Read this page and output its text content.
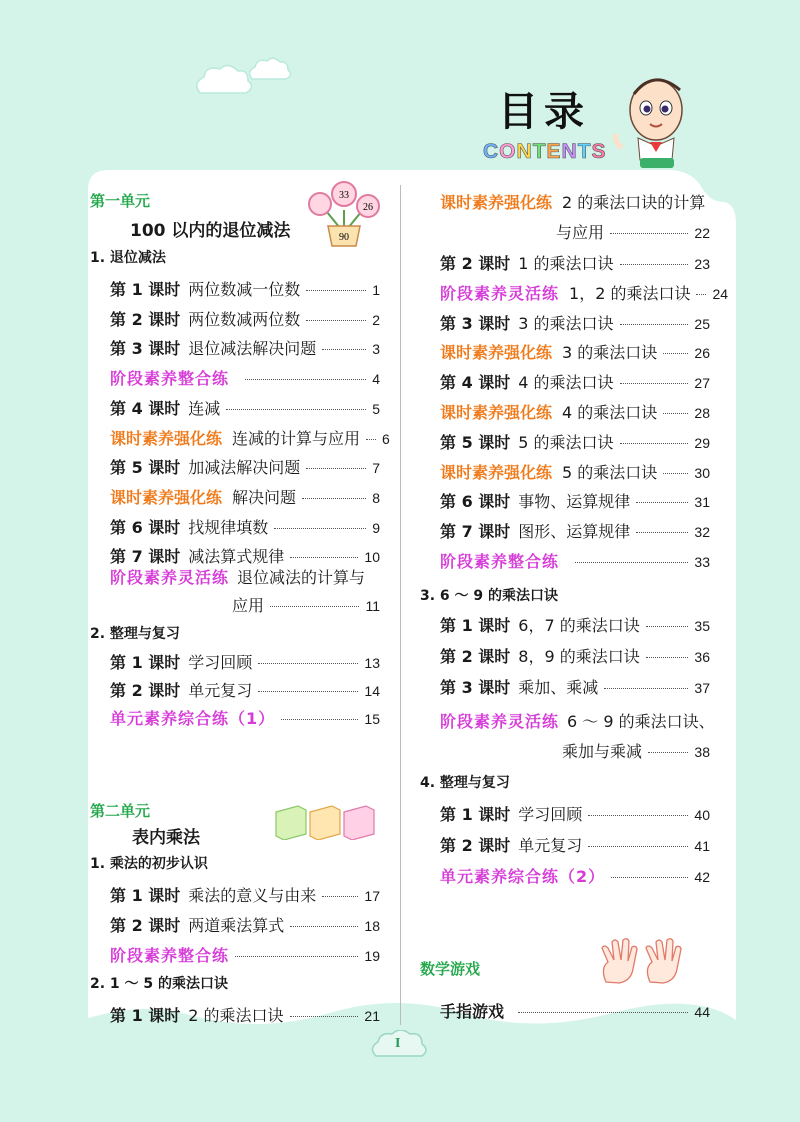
目录
CONTENTS
第一单元
100 以内的退位减法
33
26
90
1. 退位减法
第 1 课时 两位数减一位数	1
第 2 课时 两位数减两位数	2
第 3 课时 退位减法解决问题	3
阶段素养整合练	4
第 4 课时 连减	5
课时素养强化练 连减的计算与应用 6
第 5 课时 加减法解决问题	7
课时素养强化练 解决问题	8
第 6 课时 找规律填数	9
第 7 课时 减法算式规律	10
阶段素养灵活练 退位减法的计算与
应用	11
2. 整理与复习
第 1 课时 学习回顾	13
第 2 课时 单元复习	14
单元素养综合练（1）	15
第二单元
表内乘法
1. 乘法的初步认识
第 1 课时 乘法的意义与由来	17
第 2 课时 两道乘法算式	18
阶段素养整合练	19
2. 1 ～ 5 的乘法口诀
第 1 课时 2 的乘法口诀	21
课时素养强化练 2 的乘法口诀的计算
与应用	22
第 2 课时 1 的乘法口诀	23
阶段素养灵活练 1，2 的乘法口诀 24
第 3 课时 3 的乘法口诀	25
课时素养强化练 3 的乘法口诀	26
第 4 课时 4 的乘法口诀	27
课时素养强化练 4 的乘法口诀	28
第 5 课时 5 的乘法口诀	29
课时素养强化练 5 的乘法口诀	30
第 6 课时 事物、运算规律	31
第 7 课时 图形、运算规律	32
阶段素养整合练	33
3. 6 ～ 9 的乘法口诀
第 1 课时 6，7 的乘法口诀	35
第 2 课时 8，9 的乘法口诀	36
第 3 课时 乘加、乘减	37
阶段素养灵活练 6 ～ 9 的乘法口诀、
乘加与乘减	38
4. 整理与复习
第 1 课时 学习回顾	40
第 2 课时 单元复习	41
单元素养综合练（2）	42
数学游戏
手指游戏	44
I
